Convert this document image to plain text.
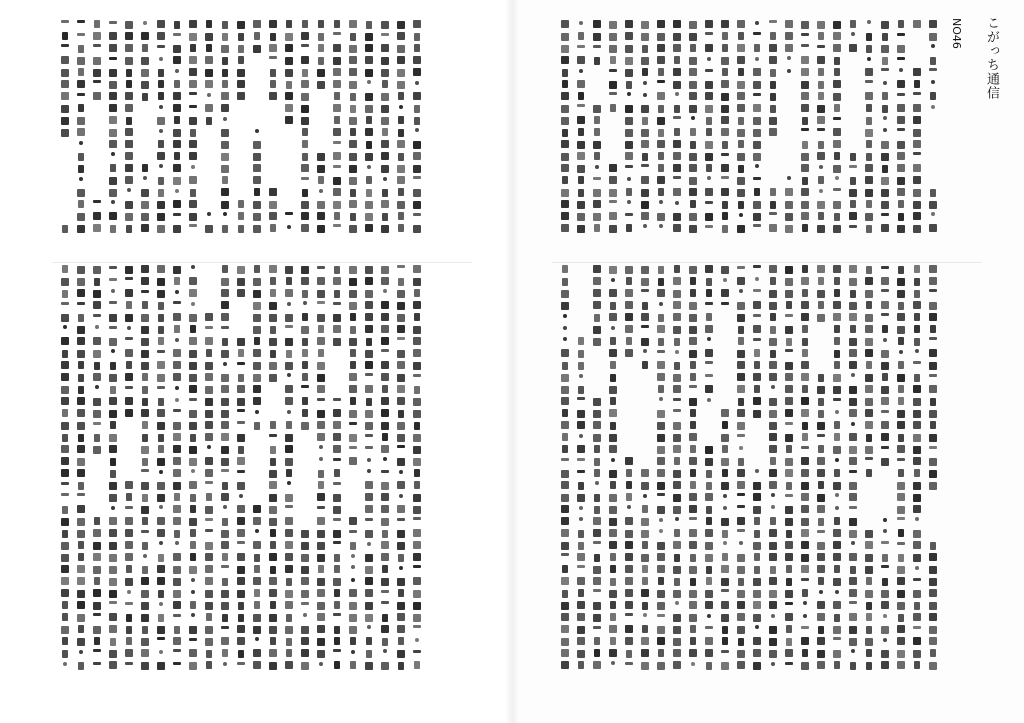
こがっち通信
NO46
